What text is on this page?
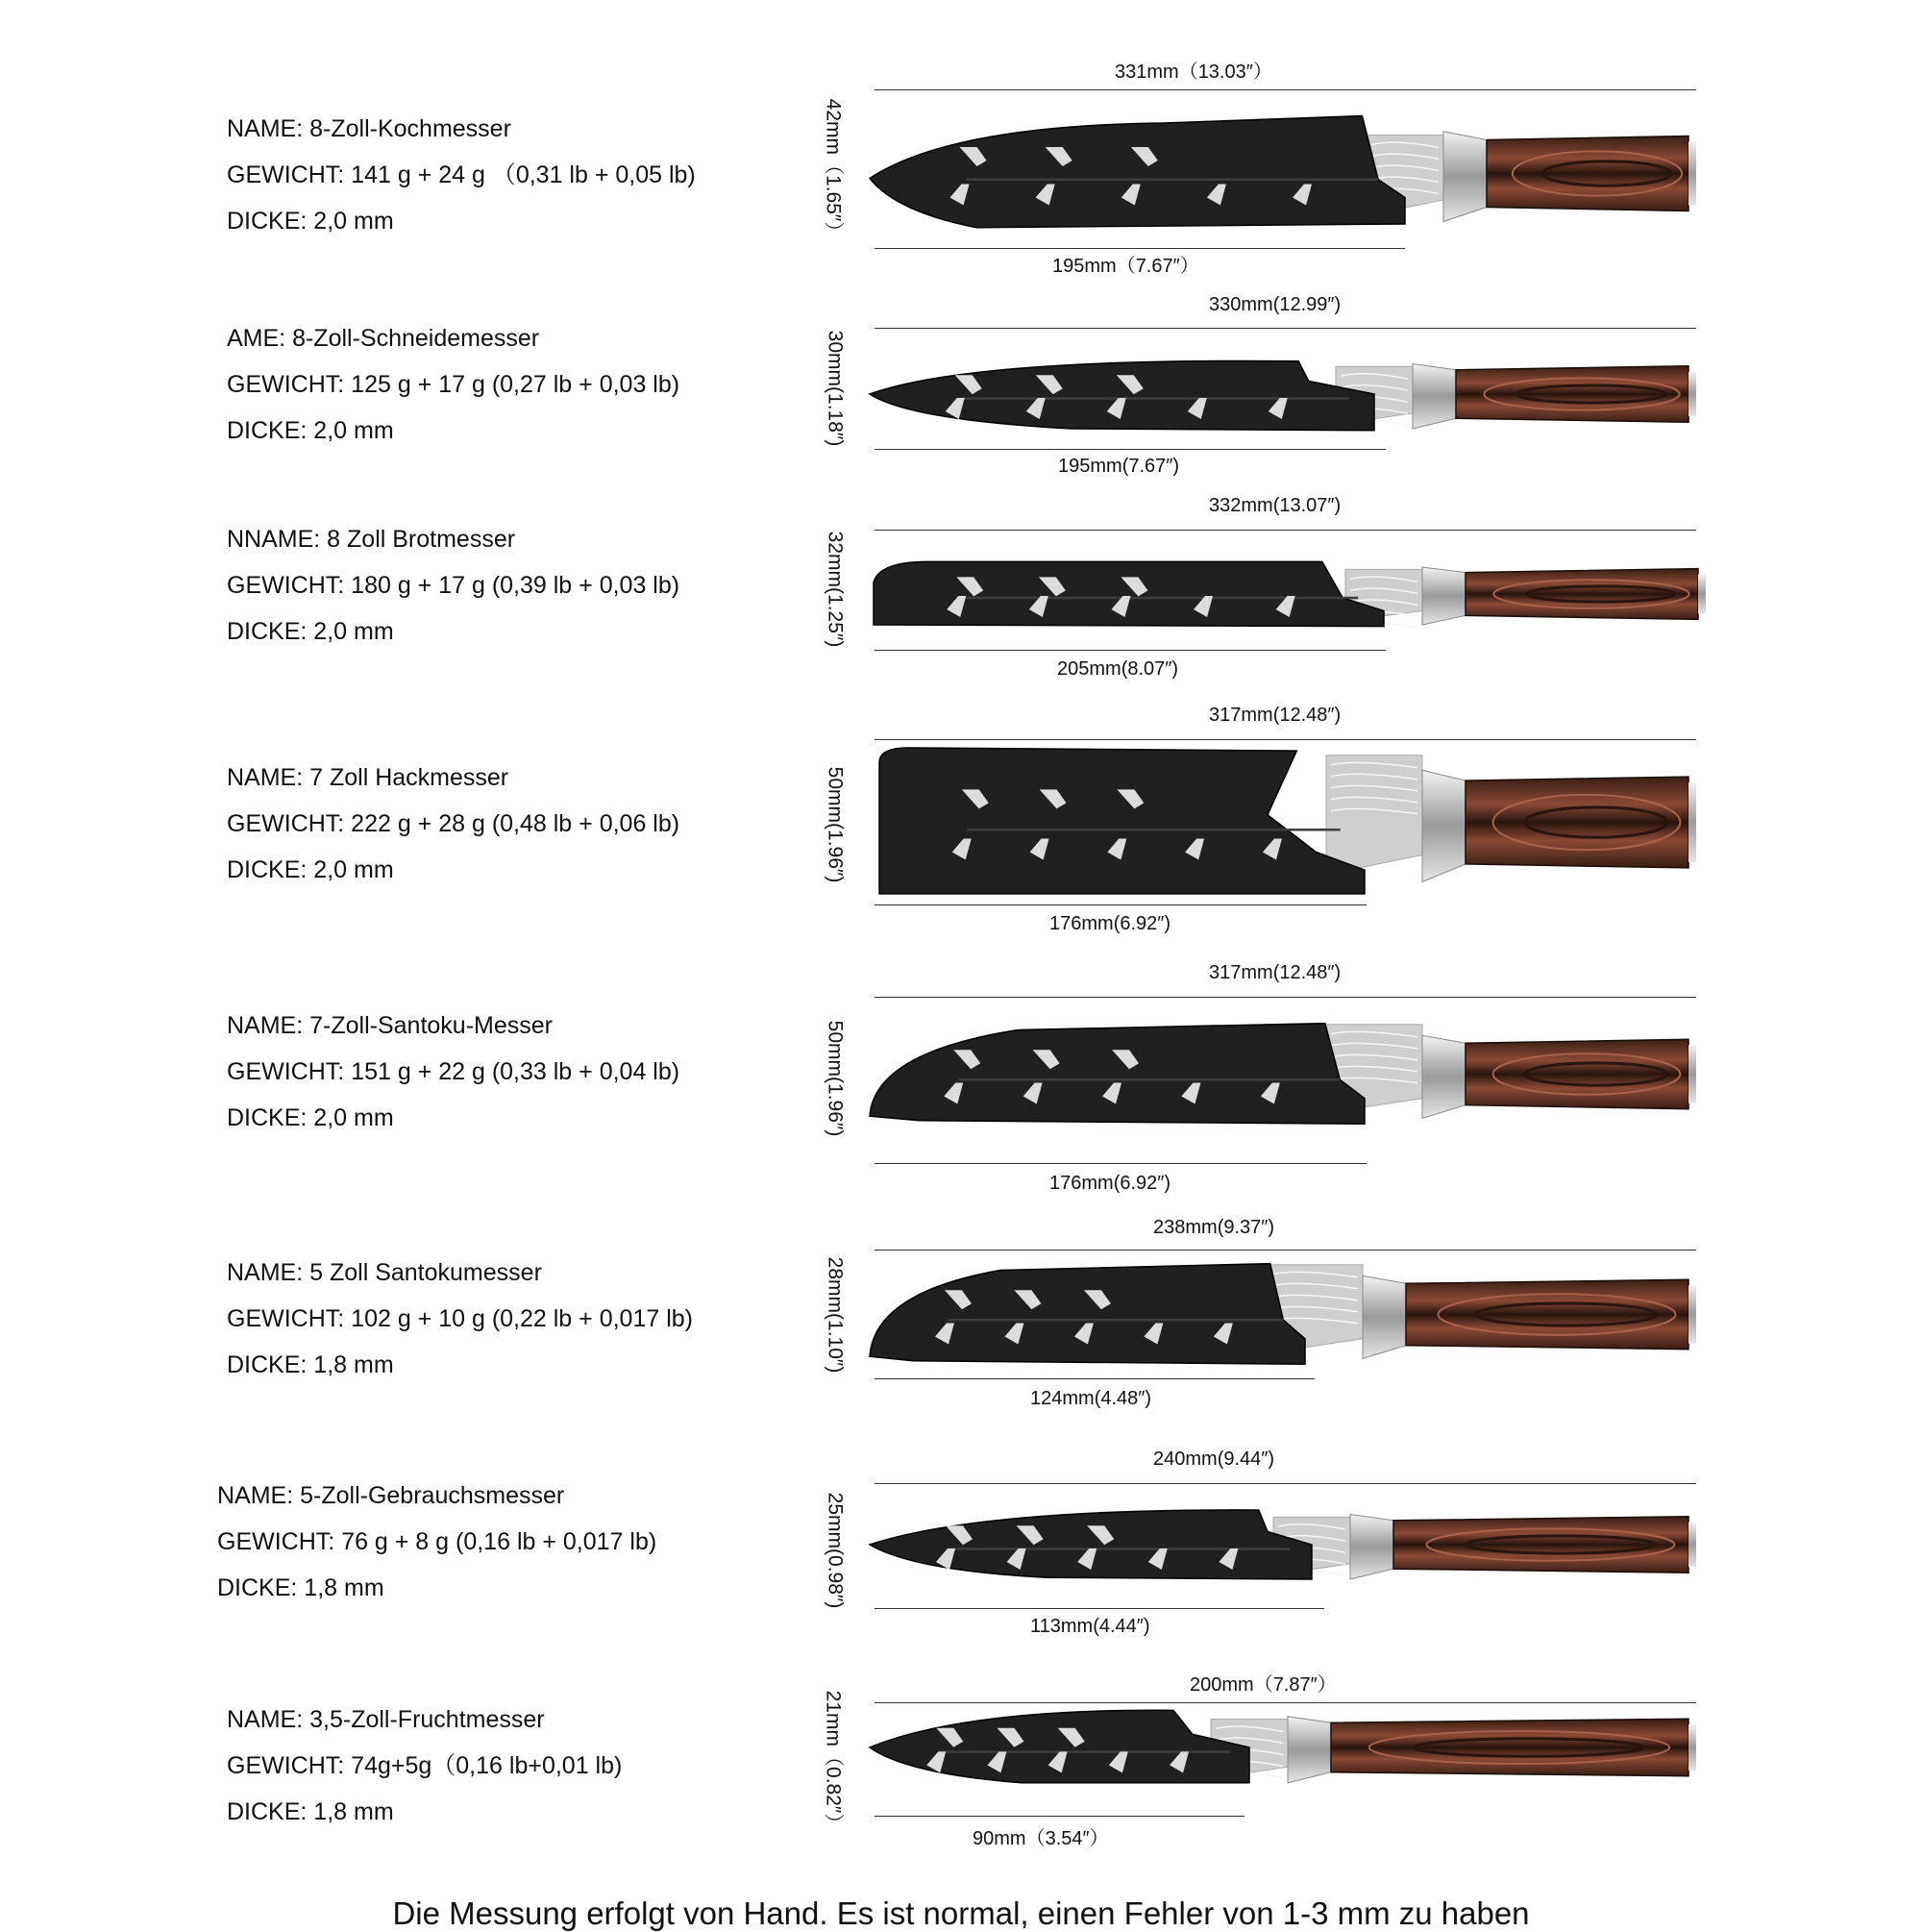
NAME: 8-Zoll-Kochmesser
GEWICHT: 141 g + 24 g （0,31 lb + 0,05 lb)
DICKE: 2,0 mm	42mm（1.65″）
331mm（13.03″）
195mm（7.67″）
AME: 8-Zoll-Schneidemesser
GEWICHT: 125 g + 17 g (0,27 lb + 0,03 lb)
DICKE: 2,0 mm	30mm(1.18″)
330mm(12.99″)
195mm(7.67″)
NNAME: 8 Zoll Brotmesser
GEWICHT: 180 g + 17 g (0,39 lb + 0,03 lb)
DICKE: 2,0 mm	32mm(1.25″)
332mm(13.07″)
205mm(8.07″)
NAME: 7 Zoll Hackmesser
GEWICHT: 222 g + 28 g (0,48 lb + 0,06 lb)
DICKE: 2,0 mm	50mm(1.96″)
317mm(12.48″)
176mm(6.92″)
NAME: 7-Zoll-Santoku-Messer
GEWICHT: 151 g + 22 g (0,33 lb + 0,04 lb)
DICKE: 2,0 mm	50mm(1.96″)
317mm(12.48″)
176mm(6.92″)
NAME: 5 Zoll Santokumesser
GEWICHT: 102 g + 10 g (0,22 lb + 0,017 lb)
DICKE: 1,8 mm	28mm(1.10″)
238mm(9.37″)
124mm(4.48″)
NAME: 5-Zoll-Gebrauchsmesser
GEWICHT: 76 g + 8 g (0,16 lb + 0,017 lb)
DICKE: 1,8 mm	25mm(0.98″)
240mm(9.44″)
113mm(4.44″)
NAME: 3,5-Zoll-Fruchtmesser
GEWICHT: 74g+5g（0,16 lb+0,01 lb)
DICKE: 1,8 mm	21mm（0.82″）
200mm（7.87″）
90mm（3.54″）
Die Messung erfolgt von Hand. Es ist normal, einen Fehler von 1-3 mm zu haben
